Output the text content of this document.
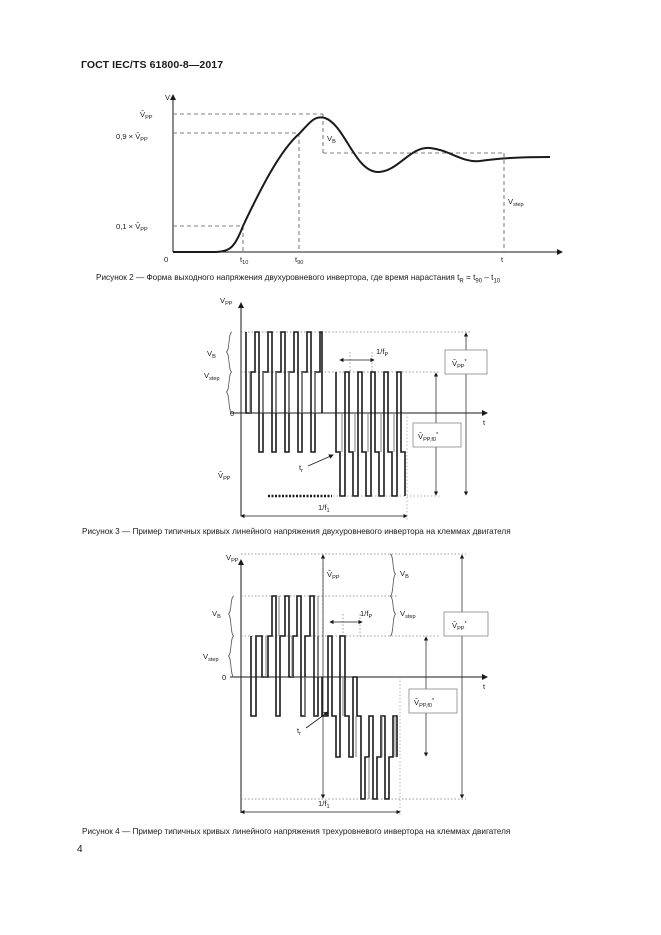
ГОСТ IEC/TS 61800-8—2017
V
$V̂_{PP}$
$0,9 \times V̂_{PP}$
$0,1 \times V̂_{PP}$
0	$t_{10}$	$t_{90}$	t
$V_B$
$V_{step}$
$V_{PP}$
t
0
$V_B$
$V_{step}$
$V̂_{PP}$
$1/f_P$
$t_r$
$1/f_1$
$V̂_{PP}^*$
$V̂_{PP,f0}^*$
$V_{PP}$
t
0
$V_B$
$V_{step}$
$V̂_{PP}$	$V_B$
$V_{step}$
$1/f_P$
$t_r$
$1/f_1$
$V̂_{PP}^*$
$V̂_{PP,f0}^*$
Рисунок 2 — Форма выходного напряжения двухуровневого инвертора, где время нарастания $t_R = t_{90} - t_{10}$
Рисунок 3 — Пример типичных кривых линейного напряжения двухуровневого инвертора на клеммах двигателя
Рисунок 4 — Пример типичных кривых линейного напряжения трехуровневого инвертора на клеммах двигателя
4
